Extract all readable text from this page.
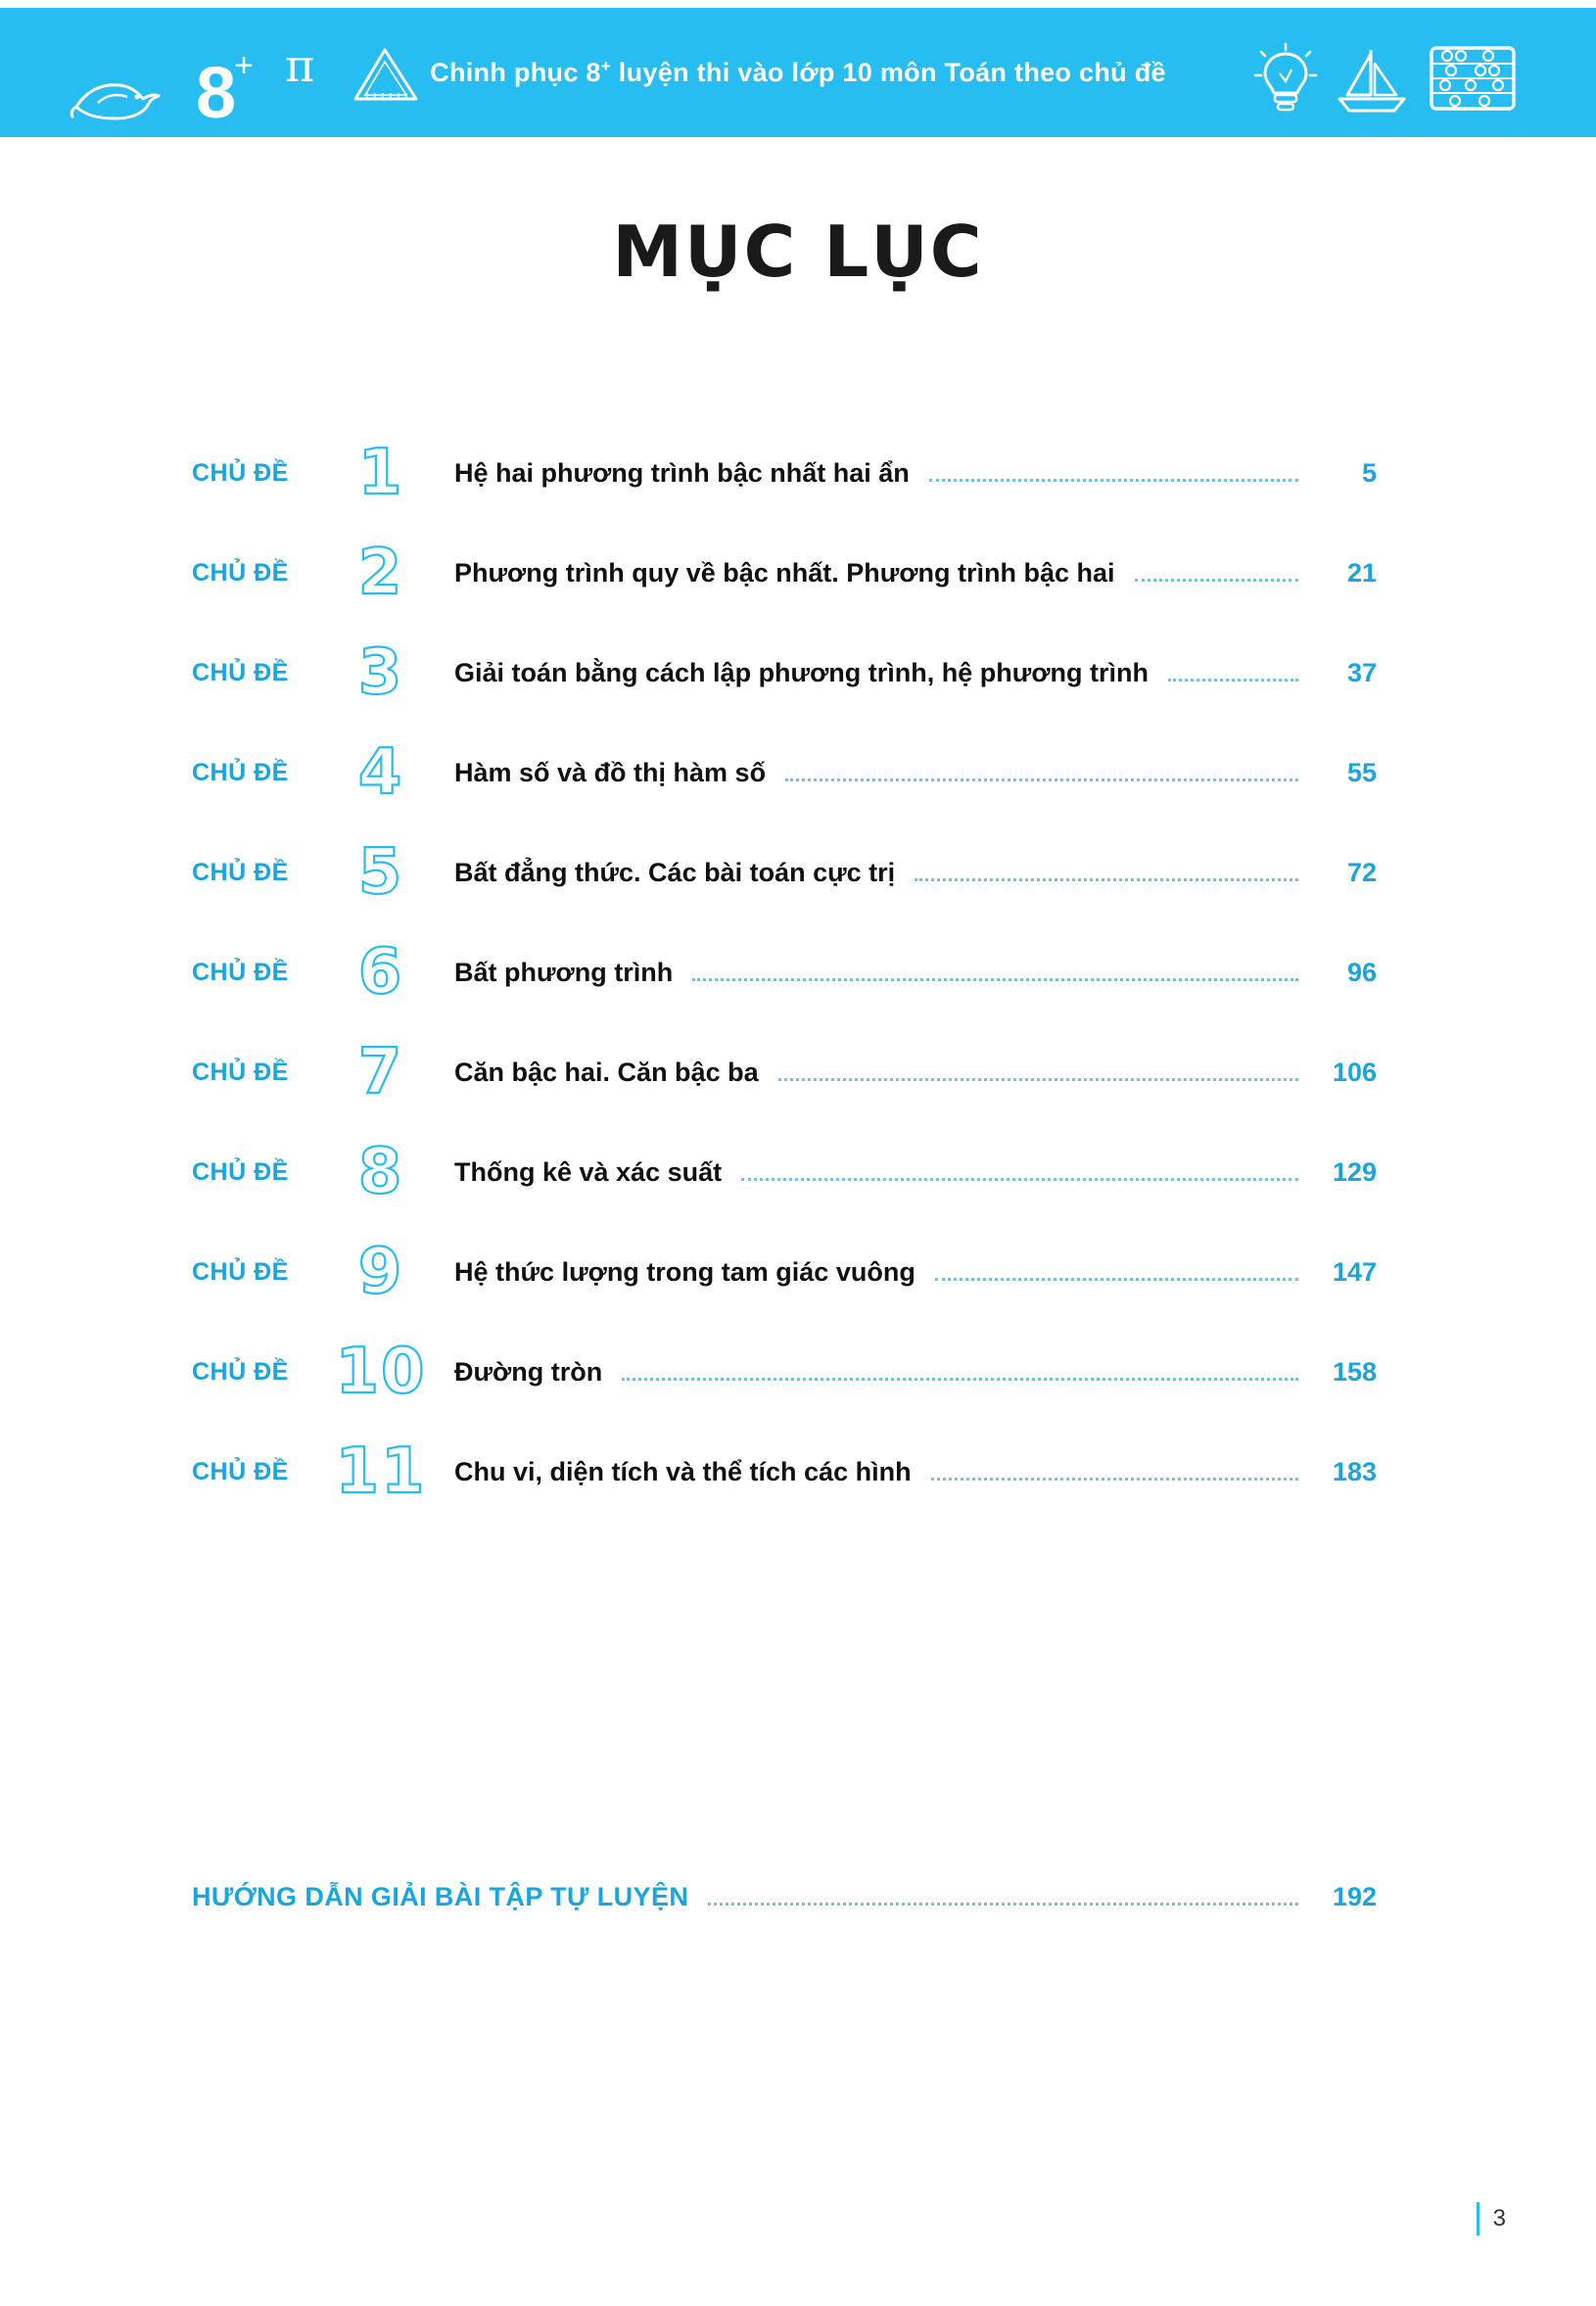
8+ π	Chinh phục 8+ luyện thi vào lớp 10 môn Toán theo chủ đề
MỤC LỤC
CHỦ ĐỀ	1	Hệ hai phương trình bậc nhất hai ẩn	5
CHỦ ĐỀ	2	Phương trình quy về bậc nhất. Phương trình bậc hai	21
CHỦ ĐỀ	3	Giải toán bằng cách lập phương trình, hệ phương trình	37
CHỦ ĐỀ	4	Hàm số và đồ thị hàm số	55
CHỦ ĐỀ	5	Bất đẳng thức. Các bài toán cực trị	72
CHỦ ĐỀ	6	Bất phương trình	96
CHỦ ĐỀ	7	Căn bậc hai. Căn bậc ba	106
CHỦ ĐỀ	8	Thống kê và xác suất	129
CHỦ ĐỀ	9	Hệ thức lượng trong tam giác vuông	147
CHỦ ĐỀ 10	Đường tròn	158
CHỦ ĐỀ 11	Chu vi, diện tích và thể tích các hình	183
HƯỚNG DẪN GIẢI BÀI TẬP TỰ LUYỆN	192
3
